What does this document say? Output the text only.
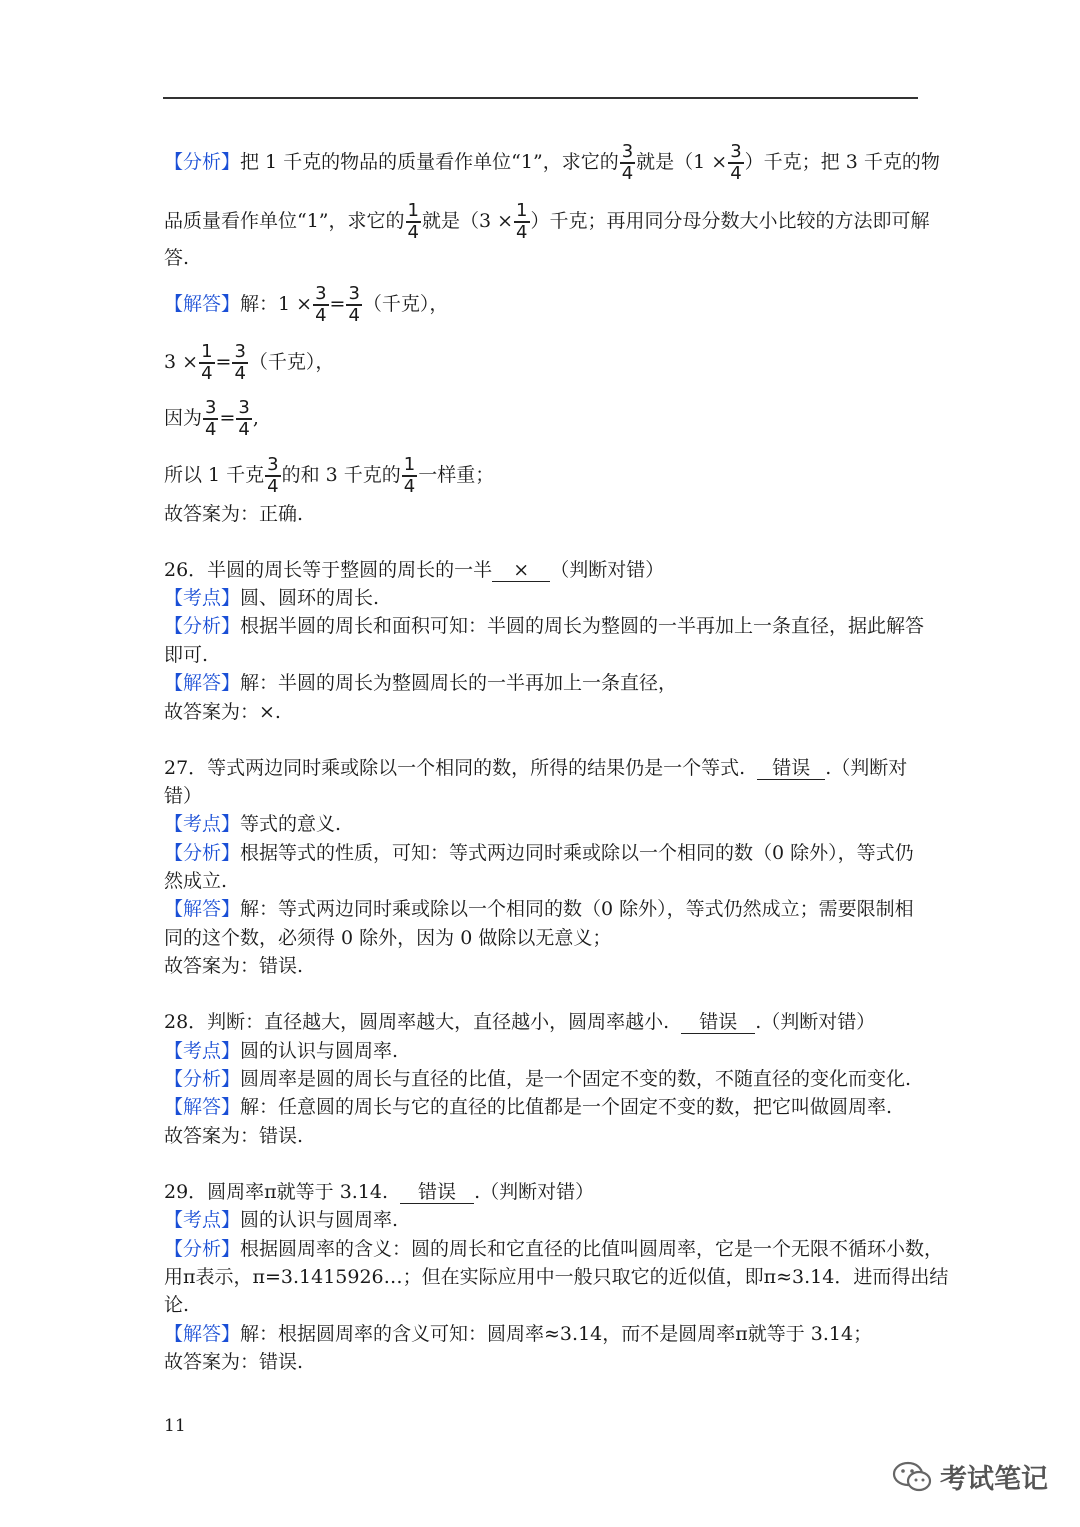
【分析】把 1 千克的物品的质量看作单位“1”，求它的 $\frac{3}{4}$ 就是（$1 \times \frac{3}{4}$ ）千克；把 3 千克的物
品质量看作单位“1”，求它的 $\frac{1}{4}$ 就是（$3 \times \frac{1}{4}$ ）千克；再用同分母分数大小比较的方法即可解
答.
【解答】解：$1 \times \frac{3}{4} = \frac{3}{4}$ （千克），
$3 \times \frac{1}{4} = \frac{3}{4}$ （千克），
因为 $\frac{3}{4} = \frac{3}{4}$ ,
所以 1 千克 $\frac{3}{4}$ 的和 3 千克的 $\frac{1}{4}$ 一样重；
故答案为：正确.
26．半圆的周长等于整圆的周长的一半 × （判断对错）
【考点】圆、圆环的周长.
【分析】根据半圆的周长和面积可知：半圆的周长为整圆的一半再加上一条直径，据此解答
即可.
【解答】解：半圆的周长为整圆周长的一半再加上一条直径，
故答案为：×.
27．等式两边同时乘或除以一个相同的数，所得的结果仍是一个等式. 错误 .（判断对
错）
【考点】等式的意义.
【分析】根据等式的性质，可知：等式两边同时乘或除以一个相同的数（0 除外），等式仍
然成立.
【解答】解：等式两边同时乘或除以一个相同的数（0 除外），等式仍然成立；需要限制相
同的这个数，必须得 0 除外，因为 0 做除以无意义；
故答案为：错误.
28．判断：直径越大，圆周率越大，直径越小，圆周率越小. 错误 .（判断对错）
【考点】圆的认识与圆周率.
【分析】圆周率是圆的周长与直径的比值，是一个固定不变的数，不随直径的变化而变化.
【解答】解：任意圆的周长与它的直径的比值都是一个固定不变的数，把它叫做圆周率.
故答案为：错误.
29．圆周率π就等于 3.14. 错误 .（判断对错）
【考点】圆的认识与圆周率.
【分析】根据圆周率的含义：圆的周长和它直径的比值叫圆周率，它是一个无限不循环小数，
用π表示，π=3.1415926…；但在实际应用中一般只取它的近似值，即π≈3.14．进而得出结
论.
【解答】解：根据圆周率的含义可知：圆周率≈3.14，而不是圆周率π就等于 3.14；
故答案为：错误.
11
考试笔记
